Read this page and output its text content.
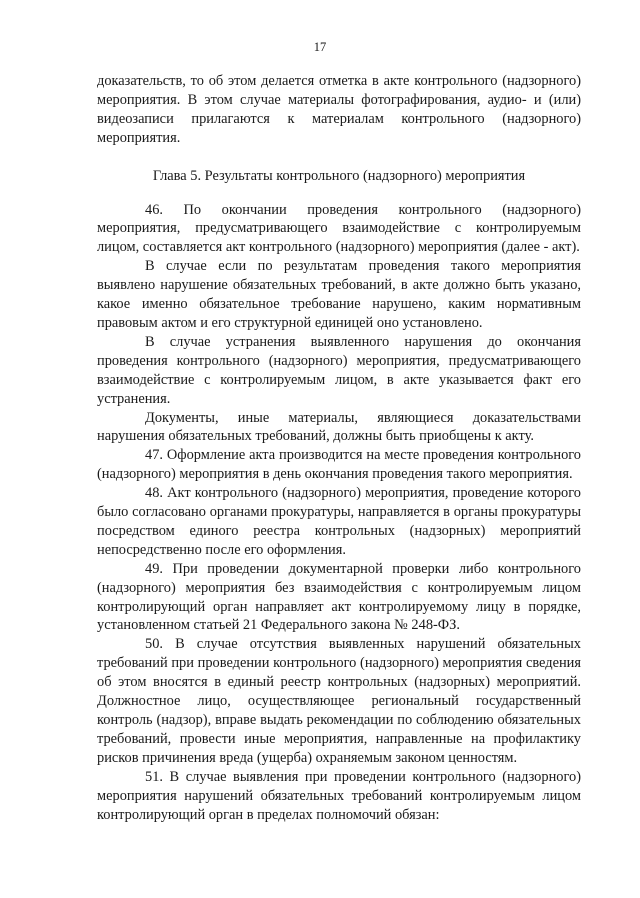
17

доказательств, то об этом делается отметка в акте контрольного (надзорного) мероприятия. В этом случае материалы фотографирования, аудио- и (или) видеозаписи прилагаются к материалам контрольного (надзорного) мероприятия.

Глава 5. Результаты контрольного (надзорного) мероприятия

46. По окончании проведения контрольного (надзорного) мероприятия, предусматривающего взаимодействие с контролируемым лицом, составляется акт контрольного (надзорного) мероприятия (далее - акт).

В случае если по результатам проведения такого мероприятия выявлено нарушение обязательных требований, в акте должно быть указано, какое именно обязательное требование нарушено, каким нормативным правовым актом и его структурной единицей оно установлено.

В случае устранения выявленного нарушения до окончания проведения контрольного (надзорного) мероприятия, предусматривающего взаимодействие с контролируемым лицом, в акте указывается факт его устранения.

Документы, иные материалы, являющиеся доказательствами нарушения обязательных требований, должны быть приобщены к акту.

47. Оформление акта производится на месте проведения контрольного (надзорного) мероприятия в день окончания проведения такого мероприятия.

48. Акт контрольного (надзорного) мероприятия, проведение которого было согласовано органами прокуратуры, направляется в органы прокуратуры посредством единого реестра контрольных (надзорных) мероприятий непосредственно после его оформления.

49. При проведении документарной проверки либо контрольного (надзорного) мероприятия без взаимодействия с контролируемым лицом контролирующий орган направляет акт контролируемому лицу в порядке, установленном статьей 21 Федерального закона № 248-ФЗ.

50. В случае отсутствия выявленных нарушений обязательных требований при проведении контрольного (надзорного) мероприятия сведения об этом вносятся в единый реестр контрольных (надзорных) мероприятий. Должностное лицо, осуществляющее региональный государственный контроль (надзор), вправе выдать рекомендации по соблюдению обязательных требований, провести иные мероприятия, направленные на профилактику рисков причинения вреда (ущерба) охраняемым законом ценностям.

51. В случае выявления при проведении контрольного (надзорного) мероприятия нарушений обязательных требований контролируемым лицом контролирующий орган в пределах полномочий обязан:
